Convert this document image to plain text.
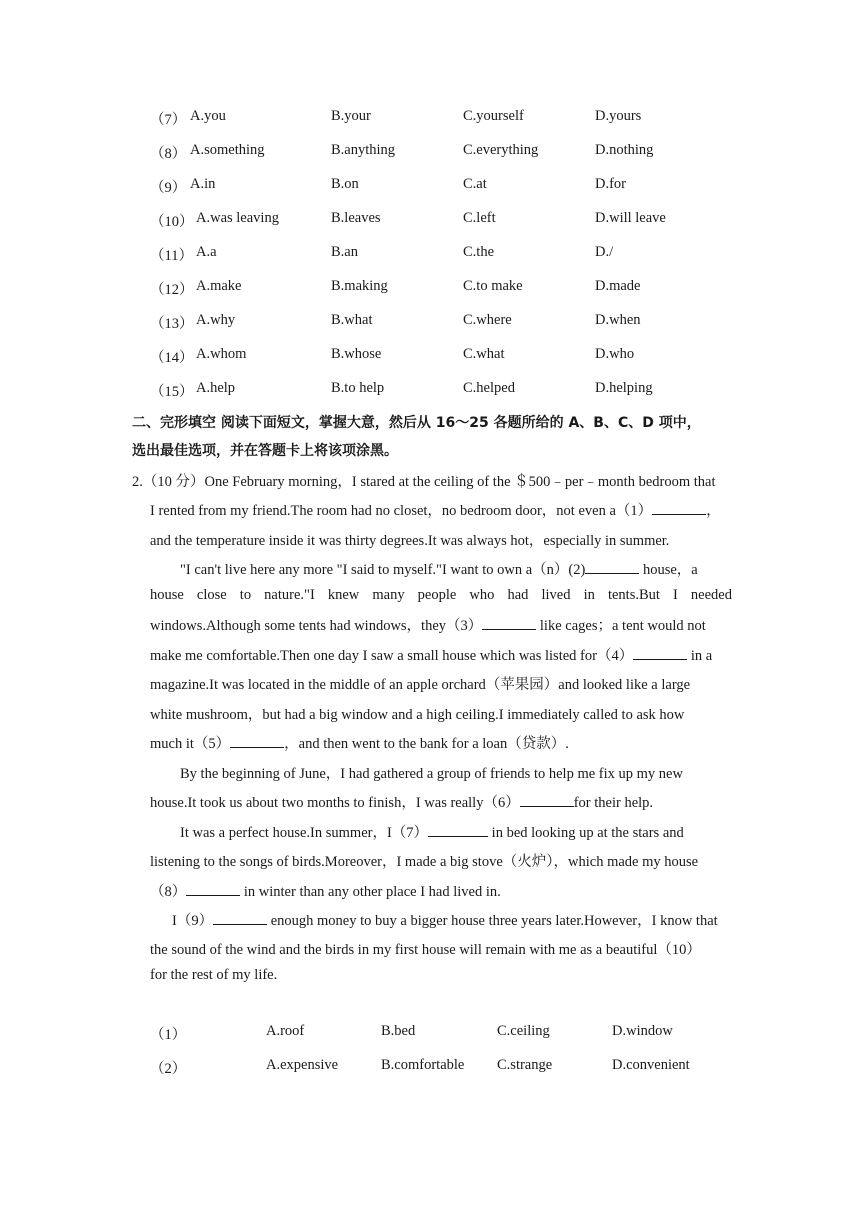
（7） A.you	B.your	C.yourself	D.yours
（8） A.something	B.anything	C.everything	D.nothing
（9） A.in	B.on	C.at	D.for
（10） A.was leaving	B.leaves	C.left	D.will leave
（11） A.a	B.an	C.the	D./
（12） A.make	B.making	C.to make	D.made
（13） A.why	B.what	C.where	D.when
（14） A.whom	B.whose	C.what	D.who
（15） A.help	B.to help	C.helped	D.helping
二、完形填空 阅读下面短文，掌握大意，然后从 16～25 各题所给的 A、B、C、D 项中，
选出最佳选项，并在答题卡上将该项涂黑。
2.（10 分）One February morning，I stared at the ceiling of the ＄500﹣per﹣month bedroom that
I rented from my friend.The room had no closet，no bedroom door，not even a（1）	，
and the temperature inside it was thirty degrees.It was always hot，especially in summer.
"I can't live here any more "I said to myself."I want to own a（n）(2)	house，a
house close to nature."I knew many people who had lived in tents.But I needed
windows.Although some tents had windows，they（3）	like cages；a tent would not
make me comfortable.Then one day I saw a small house which was listed for（4）	in a
magazine.It was located in the middle of an apple orchard（苹果园）and looked like a large
white mushroom，but had a big window and a high ceiling.I immediately called to ask how
much it（5）	，and then went to the bank for a loan（贷款）.
By the beginning of June，I had gathered a group of friends to help me fix up my new
house.It took us about two months to finish，I was really（6）	for their help.
It was a perfect house.In summer，I（7）	in bed looking up at the stars and
listening to the songs of birds.Moreover，I made a big stove（火炉），which made my house
（8）	in winter than any other place I had lived in.
I（9）	enough money to buy a bigger house three years later.However，I know that
the sound of the wind and the birds in my first house will remain with me as a beautiful（10）
for the rest of my life.
（1）	A.roof	B.bed	C.ceiling	D.window
（2）	A.expensive	B.comfortable C.strange	D.convenient
